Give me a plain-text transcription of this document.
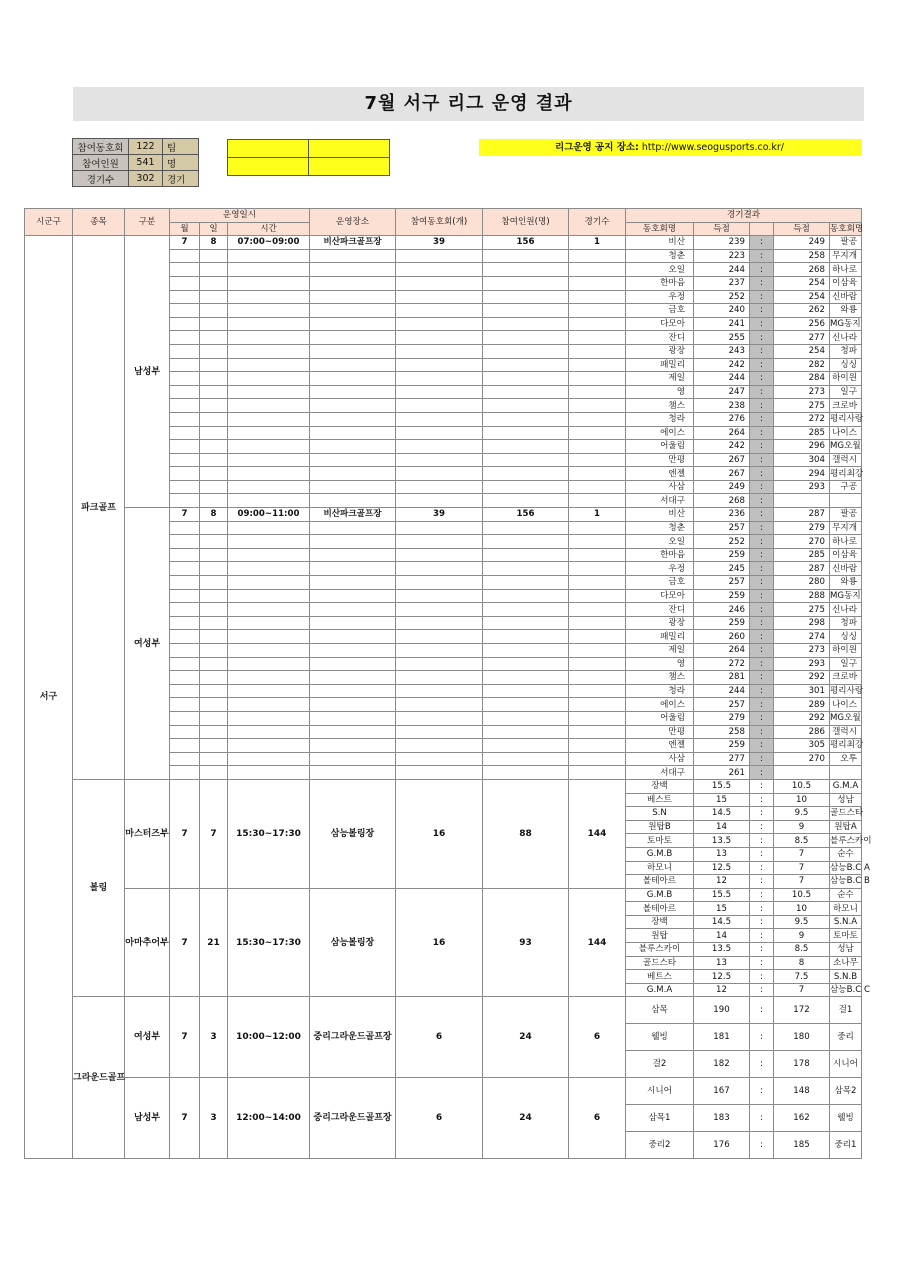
7월 서구 리그 운영 결과
참여동호회	122	팀
참여인원	541	명
경기수	302	경기

리그운영 공지 장소: http://www.seogusports.co.kr/
시군구	종목	구분	운영일시			운영장소	참여동호회(개)	참여인원(명)	경기수	경기결과				
			월	일	시간									
										동호회명	득점		득점	동호회명
서구	파크골프	남성부	7	8	07:00~09:00	비산파크골프장	39	156	1	비산	239	:	249	팔공
										청춘	223	:	258	무지개
										오일	244	:	268	하나로
										한마음	237	:	254	이삼육
										우정	252	:	254	신바람
										금호	240	:	262	와룡
										다모아	241	:	256	MG동지
										잔디	255	:	277	신나라
										광장	243	:	254	청파
										패밀리	242	:	282	싱싱
										제일	244	:	284	하이원
										영	247	:	273	일구
										챔스	238	:	275	크로바
										청라	276	:	272	평리사랑
										에이스	264	:	285	나이스
										어울림	242	:	296	MG오월
										만평	267	:	304	갤럭시
										엔젤	267	:	294	평리최강
										사삼	249	:	293	구공
										서대구	268	:		
		여성부	7	8	09:00~11:00	비산파크골프장	39	156	1	비산	236	:	287	팔공
										청춘	257	:	279	무지개
										오일	252	:	270	하나로
										한마음	259	:	285	이삼육
										우정	245	:	287	신바람
										금호	257	:	280	와룡
										다모아	259	:	288	MG동지
										잔디	246	:	275	신나라
										광장	259	:	298	청파
										패밀리	260	:	274	싱싱
										제일	264	:	273	하이원
										영	272	:	293	일구
										챔스	281	:	292	크로바
										청라	244	:	301	평리사랑
										에이스	257	:	289	나이스
										어울림	279	:	292	MG오월
										만평	258	:	286	갤럭시
										엔젤	259	:	305	평리최강
										사삼	277	:	270	오투
										서대구	261	:		
	볼링	마스터즈부	7	7	15:30~17:30	삼능볼링장	16	88	144	장백	15.5	:	10.5	G.M.A
										베스트	15	:	10	성남
										S.N	14.5	:	9.5	골드스타
										원탑B	14	:	9	원탑A
										토마토	13.5	:	8.5	블루스카이
										G.M.B	13	:	7	순수
										하모니	12.5	:	7	삼능B.C A
										볼테아르	12	:	7	삼능B.C B
		아마추어부	7	21	15:30~17:30	삼능볼링장	16	93	144	G.M.B	15.5	:	10.5	순수
										볼테아르	15	:	10	하모니
										장백	14.5	:	9.5	S.N.A
										원탑	14	:	9	토마토
										블루스카이	13.5	:	8.5	성남
										골드스타	13	:	8	소나무
										베트스	12.5	:	7.5	S.N.B
										G.M.A	12	:	7	삼능B.C C
	그라운드골프	여성부	7	3	10:00~12:00	중리그라운드골프장	6	24	6	삼목	190	:	172	걸1
										웰빙	181	:	180	중리
										걸2	182	:	178	시니어
		남성부	7	3	12:00~14:00	중리그라운드골프장	6	24	6	시니어	167	:	148	삼목2
										삼목1	183	:	162	웰빙
										중리2	176	:	185	중리1
